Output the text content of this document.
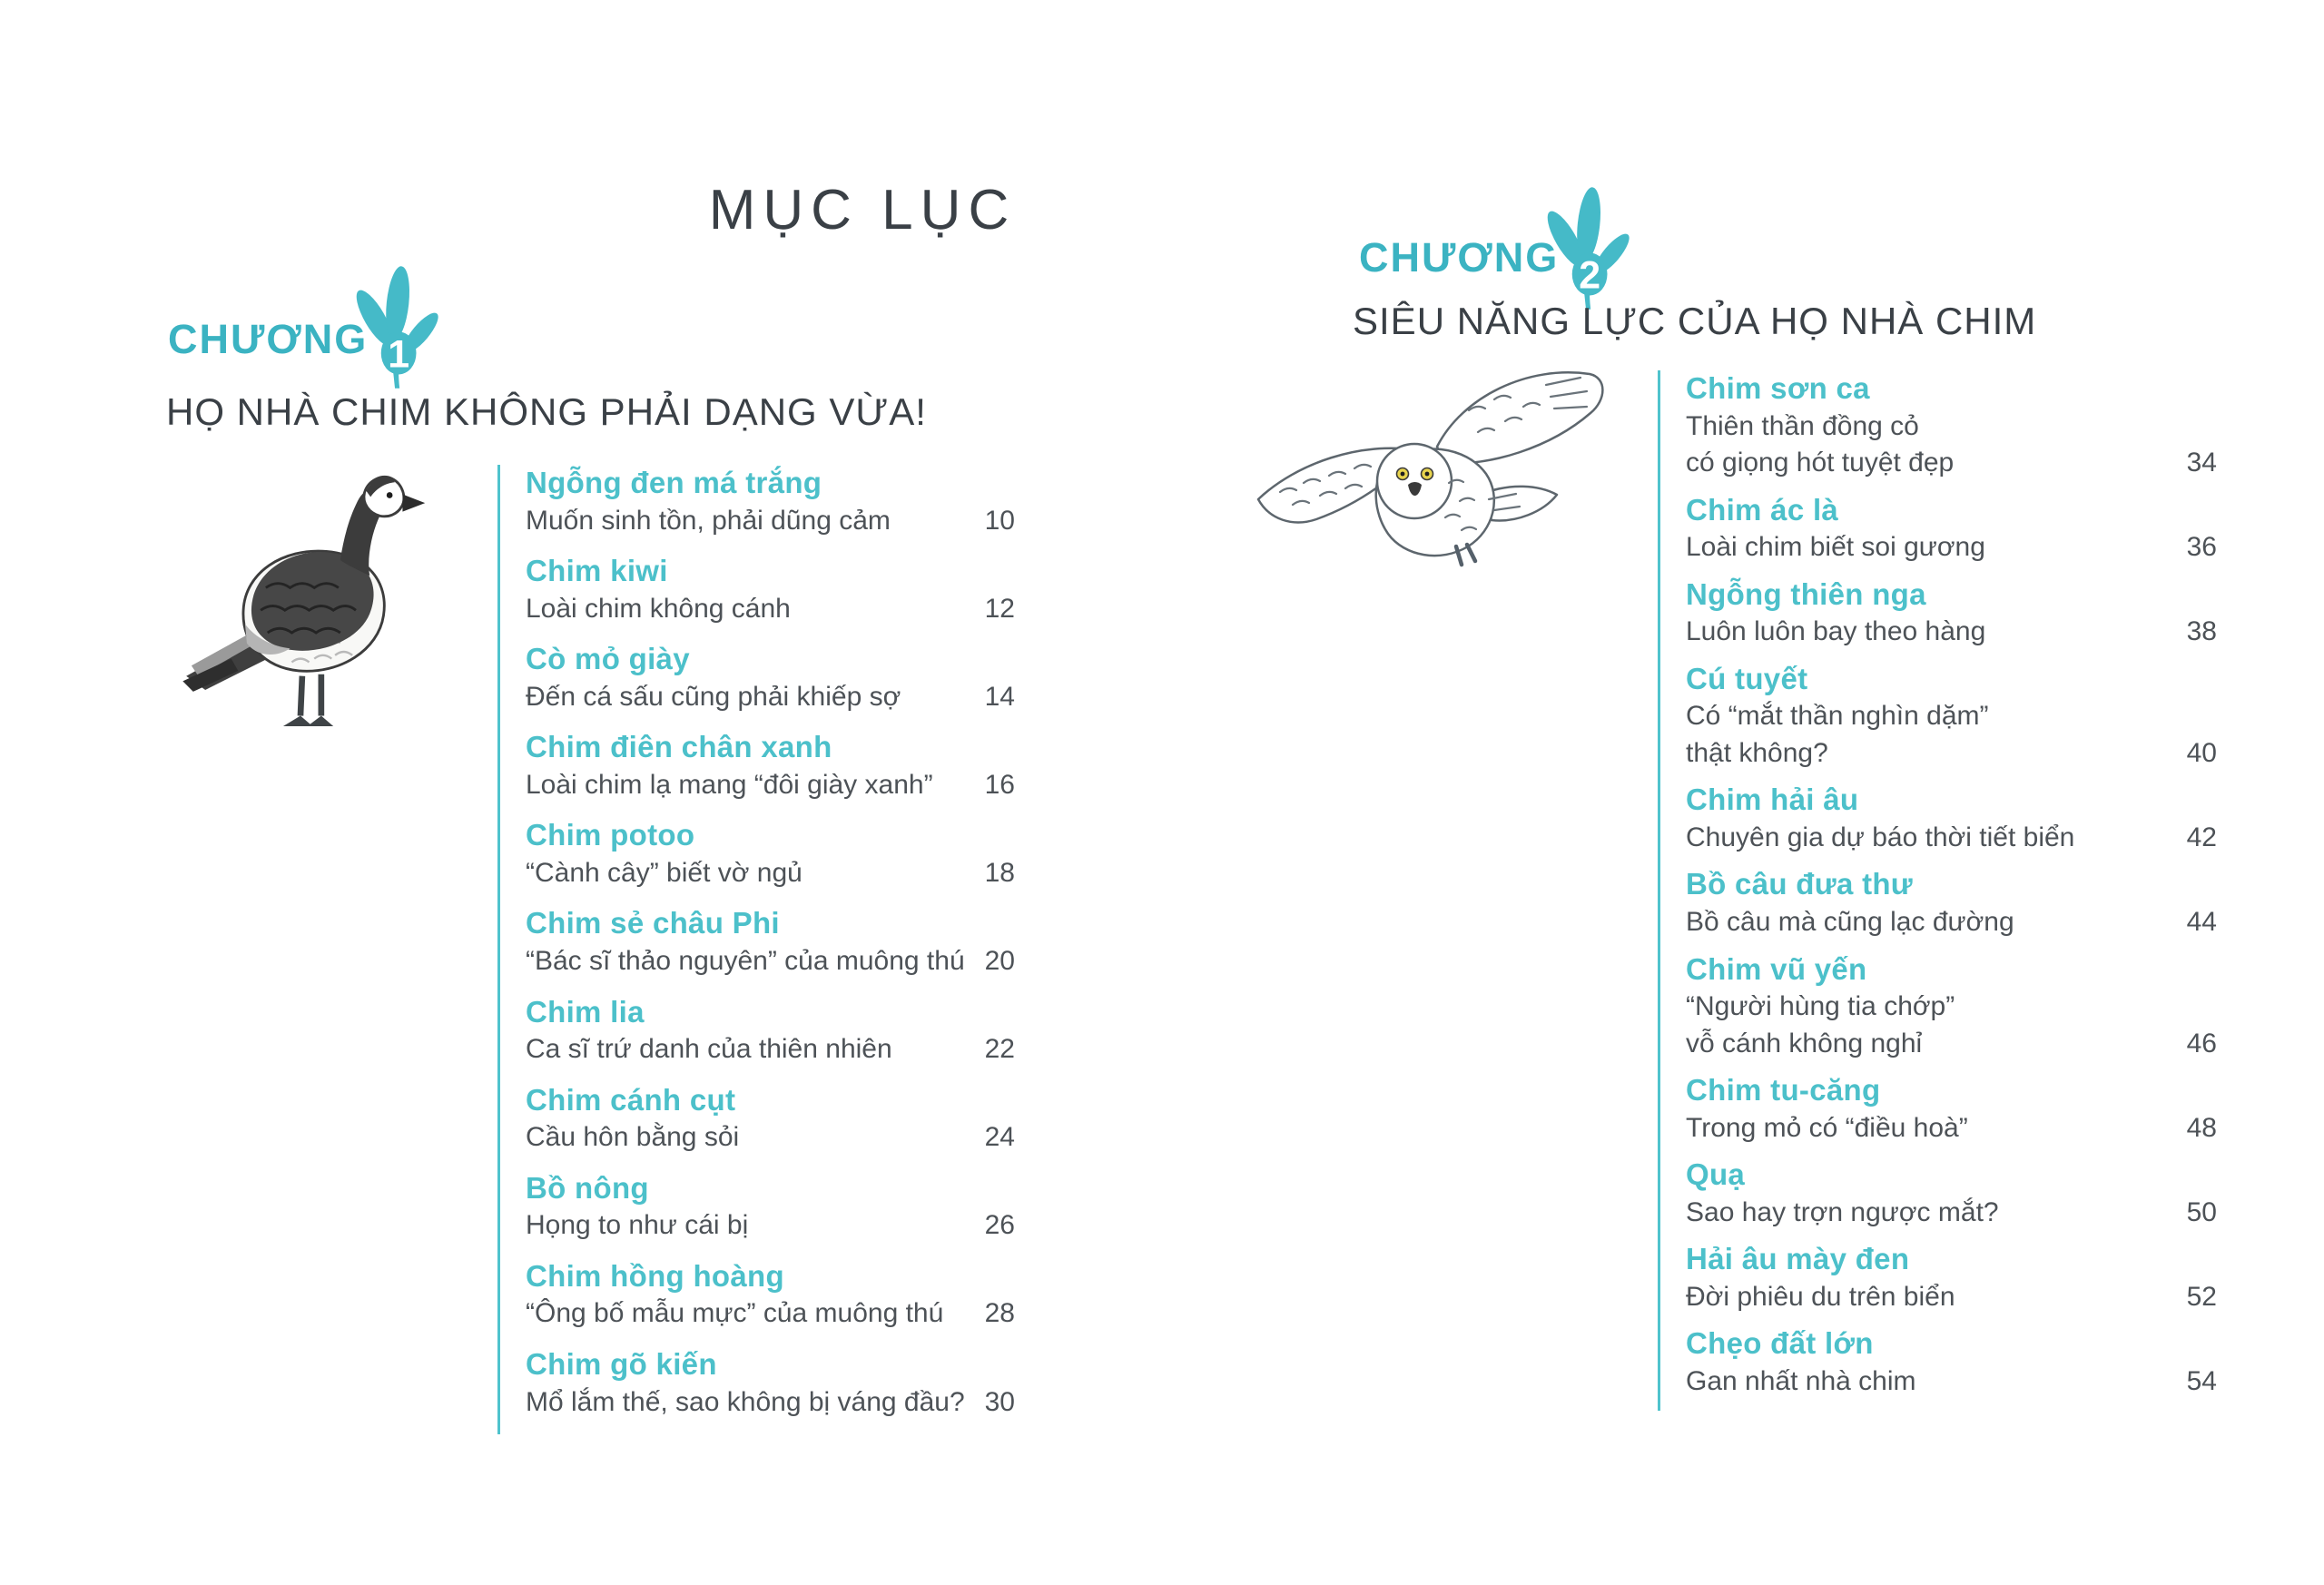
MỤC LỤC
CHƯƠNG 1
HỌ NHÀ CHIM KHÔNG PHẢI DẠNG VỪA!
Ngỗng đen má trắng
Muốn sinh tồn, phải dũng cảm	10
Chim kiwi
Loài chim không cánh	12
Cò mỏ giày
Đến cá sấu cũng phải khiếp sợ	14
Chim điên chân xanh
Loài chim lạ mang “đôi giày xanh” 16
Chim potoo
“Cành cây” biết vờ ngủ	18
Chim sẻ châu Phi
“Bác sĩ thảo nguyên” của muông thú 20
Chim lia
Ca sĩ trứ danh của thiên nhiên	22
Chim cánh cụt
Cầu hôn bằng sỏi	24
Bồ nông
Họng to như cái bị	26
Chim hồng hoàng
“Ông bố mẫu mực” của muông thú 28
Chim gõ kiến
Mổ lắm thế, sao không bị váng đầu? 30
CHƯƠNG 2
SIÊU NĂNG LỰC CỦA HỌ NHÀ CHIM
Chim sơn ca
Thiên thần đồng cỏ
có giọng hót tuyệt đẹp	34
Chim ác là
Loài chim biết soi gương	36
Ngỗng thiên nga
Luôn luôn bay theo hàng	38
Cú tuyết
Có “mắt thần nghìn dặm”
thật không?	40
Chim hải âu
Chuyên gia dự báo thời tiết biển	42
Bồ câu đưa thư
Bồ câu mà cũng lạc đường	44
Chim vũ yến
“Người hùng tia chớp”
vỗ cánh không nghỉ	46
Chim tu-căng
Trong mỏ có “điều hoà”	48
Quạ
Sao hay trợn ngược mắt?	50
Hải âu mày đen
Đời phiêu du trên biển	52
Chẹo đất lớn
Gan nhất nhà chim	54
